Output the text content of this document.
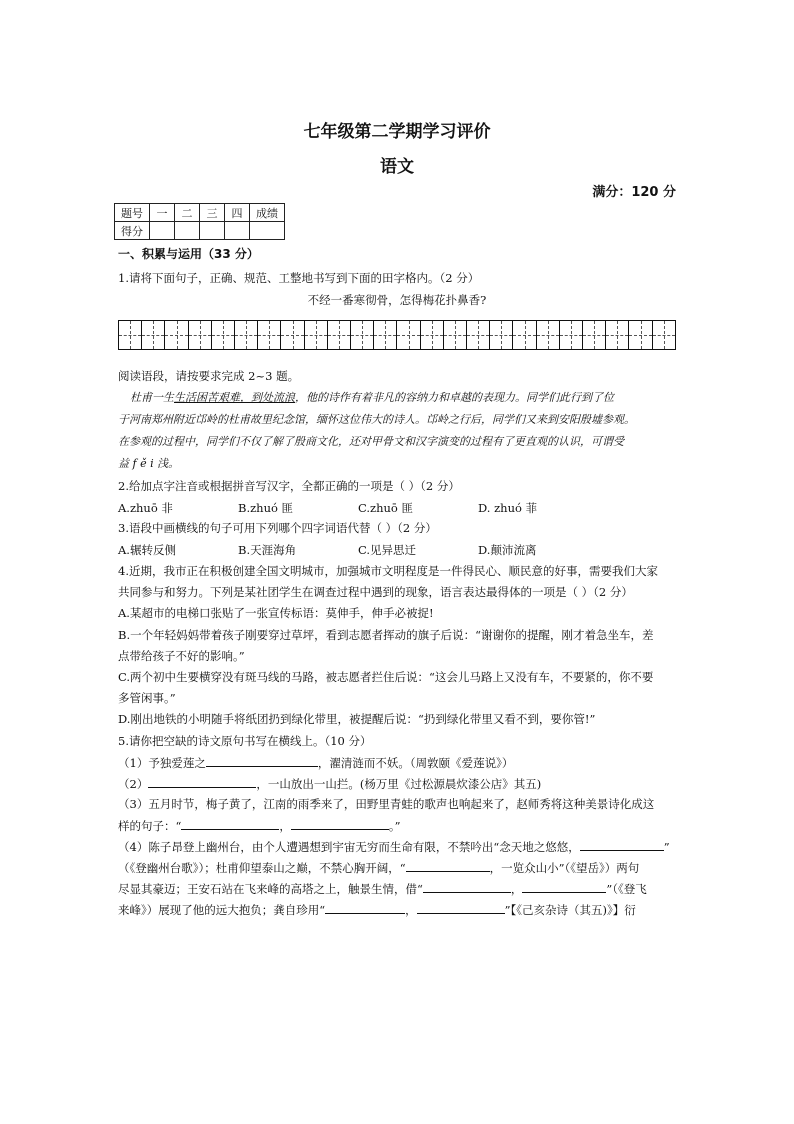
七年级第二学期学习评价
语文
满分：120 分
题号	一	二	三	四	成绩
得分					
一、积累与运用（33 分）
1.请将下面句子，正确、规范、工整地书写到下面的田字格内。（2 分）
不经一番寒彻骨，怎得梅花扑鼻香?
阅读语段，请按要求完成 2~3 题。
杜甫一生生活困苦艰难，到处流浪，他的诗作有着非凡的容纳力和卓越的表现力。同学们此行到了位
于河南郑州附近邙岭的杜甫故里纪念馆，缅怀这位伟大的诗人。邙岭之行后，同学们又来到安阳殷墟参观。
在参观的过程中，同学们不仅了解了殷商文化，还对甲骨文和汉字演变的过程有了更直观的认识，可谓受
益 f ě i 浅。
2.给加点字注音或根据拼音写汉字，全都正确的一项是（ ）（2 分）
A.zhuō 非	B.zhuó 匪	C.zhuō 匪	D. zhuó 菲
3.语段中画横线的句子可用下列哪个四字词语代替（ ）（2 分）
A.辗转反侧	B.天涯海角	C.见异思迁	D.颠沛流离
4.近期，我市正在积极创建全国文明城市，加强城市文明程度是一件得民心、顺民意的好事，需要我们大家
共同参与和努力。下列是某社团学生在调查过程中遇到的现象，语言表达最得体的一项是（ ）（2 分）
A.某超市的电梯口张贴了一张宣传标语：莫伸手，伸手必被捉!
B.一个年轻妈妈带着孩子刚要穿过草坪，看到志愿者挥动的旗子后说：“谢谢你的提醒，刚才着急坐车，差
点带给孩子不好的影响。”
C.两个初中生要横穿没有斑马线的马路，被志愿者拦住后说：“这会儿马路上又没有车，不要紧的，你不要
多管闲事。”
D.刚出地铁的小明随手将纸团扔到绿化带里，被提醒后说：“扔到绿化带里又看不到，要你管!”
5.请你把空缺的诗文原句书写在横线上。（10 分）
（1）予独爱莲之	，濯清涟而不妖。（周敦颐《爱莲说》）
（2）	，一山放出一山拦。(杨万里《过松源晨炊漆公店》其五)
（3）五月时节，梅子黄了，江南的雨季来了，田野里青蛙的歌声也响起来了，赵师秀将这种美景诗化成这
样的句子：“	，	。”
（4）陈子昂登上幽州台，由个人遭遇想到宇宙无穷而生命有限，不禁吟出“念天地之悠悠，	”
（《登幽州台歌》）；杜甫仰望泰山之巅，不禁心胸开阔，“	，一览众山小”（《望岳》）两句
尽显其豪迈；王安石站在飞来峰的高塔之上，触景生情，借“	，	”（《登飞
来峰》）展现了他的远大抱负；龚自珍用“	，	”【《己亥杂诗（其五)》】衍
